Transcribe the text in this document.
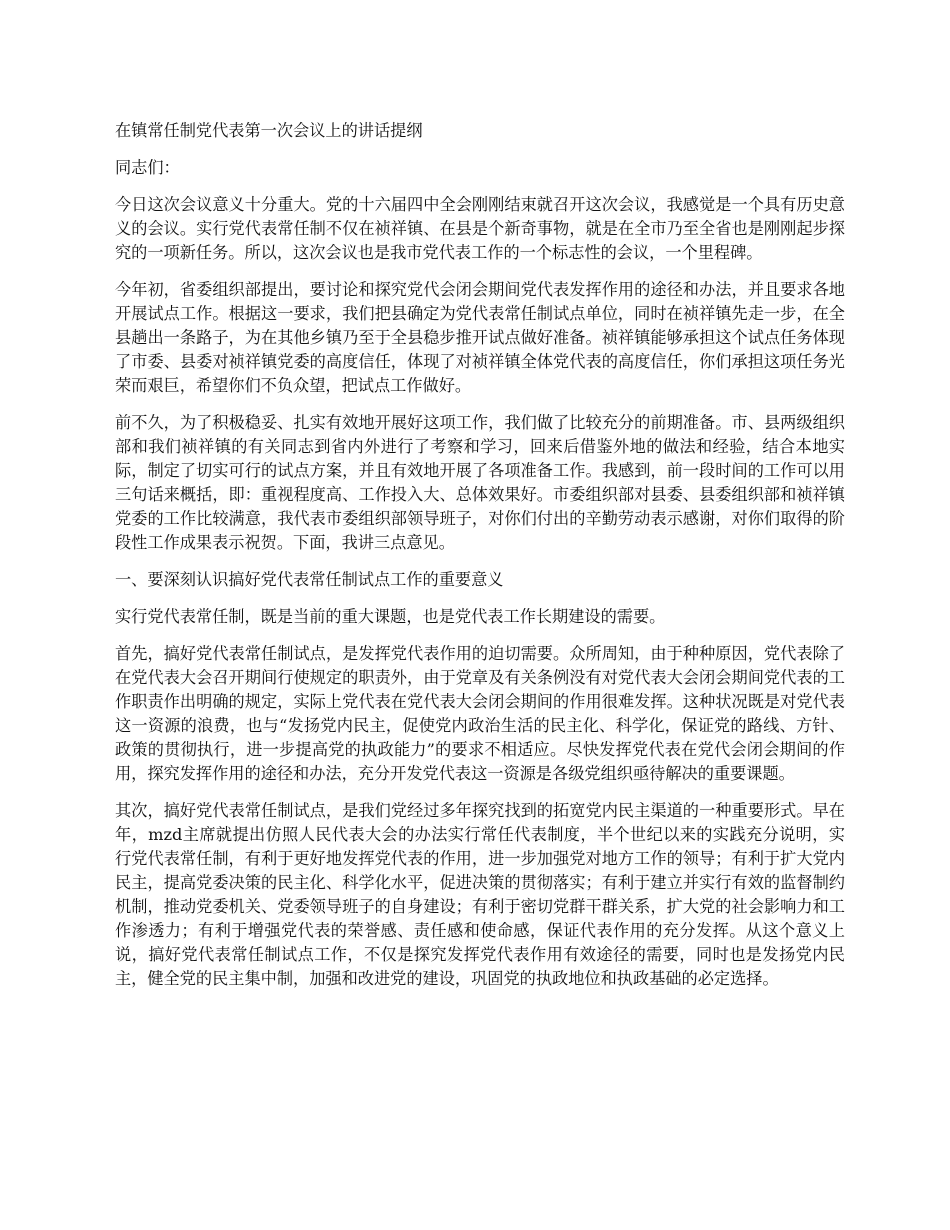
在镇常任制党代表第一次会议上的讲话提纲

同志们：

今日这次会议意义十分重大。党的十六届四中全会刚刚结束就召开这次会议，我感觉是一个具有历史意义的会议。实行党代表常任制不仅在祯祥镇、在县是个新奇事物，就是在全市乃至全省也是刚刚起步探究的一项新任务。所以，这次会议也是我市党代表工作的一个标志性的会议，一个里程碑。

今年初，省委组织部提出，要讨论和探究党代会闭会期间党代表发挥作用的途径和办法，并且要求各地开展试点工作。根据这一要求，我们把县确定为党代表常任制试点单位，同时在祯祥镇先走一步，在全县趟出一条路子，为在其他乡镇乃至于全县稳步推开试点做好准备。祯祥镇能够承担这个试点任务体现了市委、县委对祯祥镇党委的高度信任，体现了对祯祥镇全体党代表的高度信任，你们承担这项任务光荣而艰巨，希望你们不负众望，把试点工作做好。

前不久，为了积极稳妥、扎实有效地开展好这项工作，我们做了比较充分的前期准备。市、县两级组织部和我们祯祥镇的有关同志到省内外进行了考察和学习，回来后借鉴外地的做法和经验，结合本地实际，制定了切实可行的试点方案，并且有效地开展了各项准备工作。我感到，前一段时间的工作可以用三句话来概括，即：重视程度高、工作投入大、总体效果好。市委组织部对县委、县委组织部和祯祥镇党委的工作比较满意，我代表市委组织部领导班子，对你们付出的辛勤劳动表示感谢，对你们取得的阶段性工作成果表示祝贺。下面，我讲三点意见。

一、要深刻认识搞好党代表常任制试点工作的重要意义

实行党代表常任制，既是当前的重大课题，也是党代表工作长期建设的需要。

首先，搞好党代表常任制试点，是发挥党代表作用的迫切需要。众所周知，由于种种原因，党代表除了在党代表大会召开期间行使规定的职责外，由于党章及有关条例没有对党代表大会闭会期间党代表的工作职责作出明确的规定，实际上党代表在党代表大会闭会期间的作用很难发挥。这种状况既是对党代表这一资源的浪费，也与“发扬党内民主，促使党内政治生活的民主化、科学化，保证党的路线、方针、政策的贯彻执行，进一步提高党的执政能力”的要求不相适应。尽快发挥党代表在党代会闭会期间的作用，探究发挥作用的途径和办法，充分开发党代表这一资源是各级党组织亟待解决的重要课题。

其次，搞好党代表常任制试点，是我们党经过多年探究找到的拓宽党内民主渠道的一种重要形式。早在年，mzd主席就提出仿照人民代表大会的办法实行常任代表制度，半个世纪以来的实践充分说明，实行党代表常任制，有利于更好地发挥党代表的作用，进一步加强党对地方工作的领导；有利于扩大党内民主，提高党委决策的民主化、科学化水平，促进决策的贯彻落实；有利于建立并实行有效的监督制约机制，推动党委机关、党委领导班子的自身建设；有利于密切党群干群关系，扩大党的社会影响力和工作渗透力；有利于增强党代表的荣誉感、责任感和使命感，保证代表作用的充分发挥。从这个意义上说，搞好党代表常任制试点工作，不仅是探究发挥党代表作用有效途径的需要，同时也是发扬党内民主，健全党的民主集中制，加强和改进党的建设，巩固党的执政地位和执政基础的必定选择。
